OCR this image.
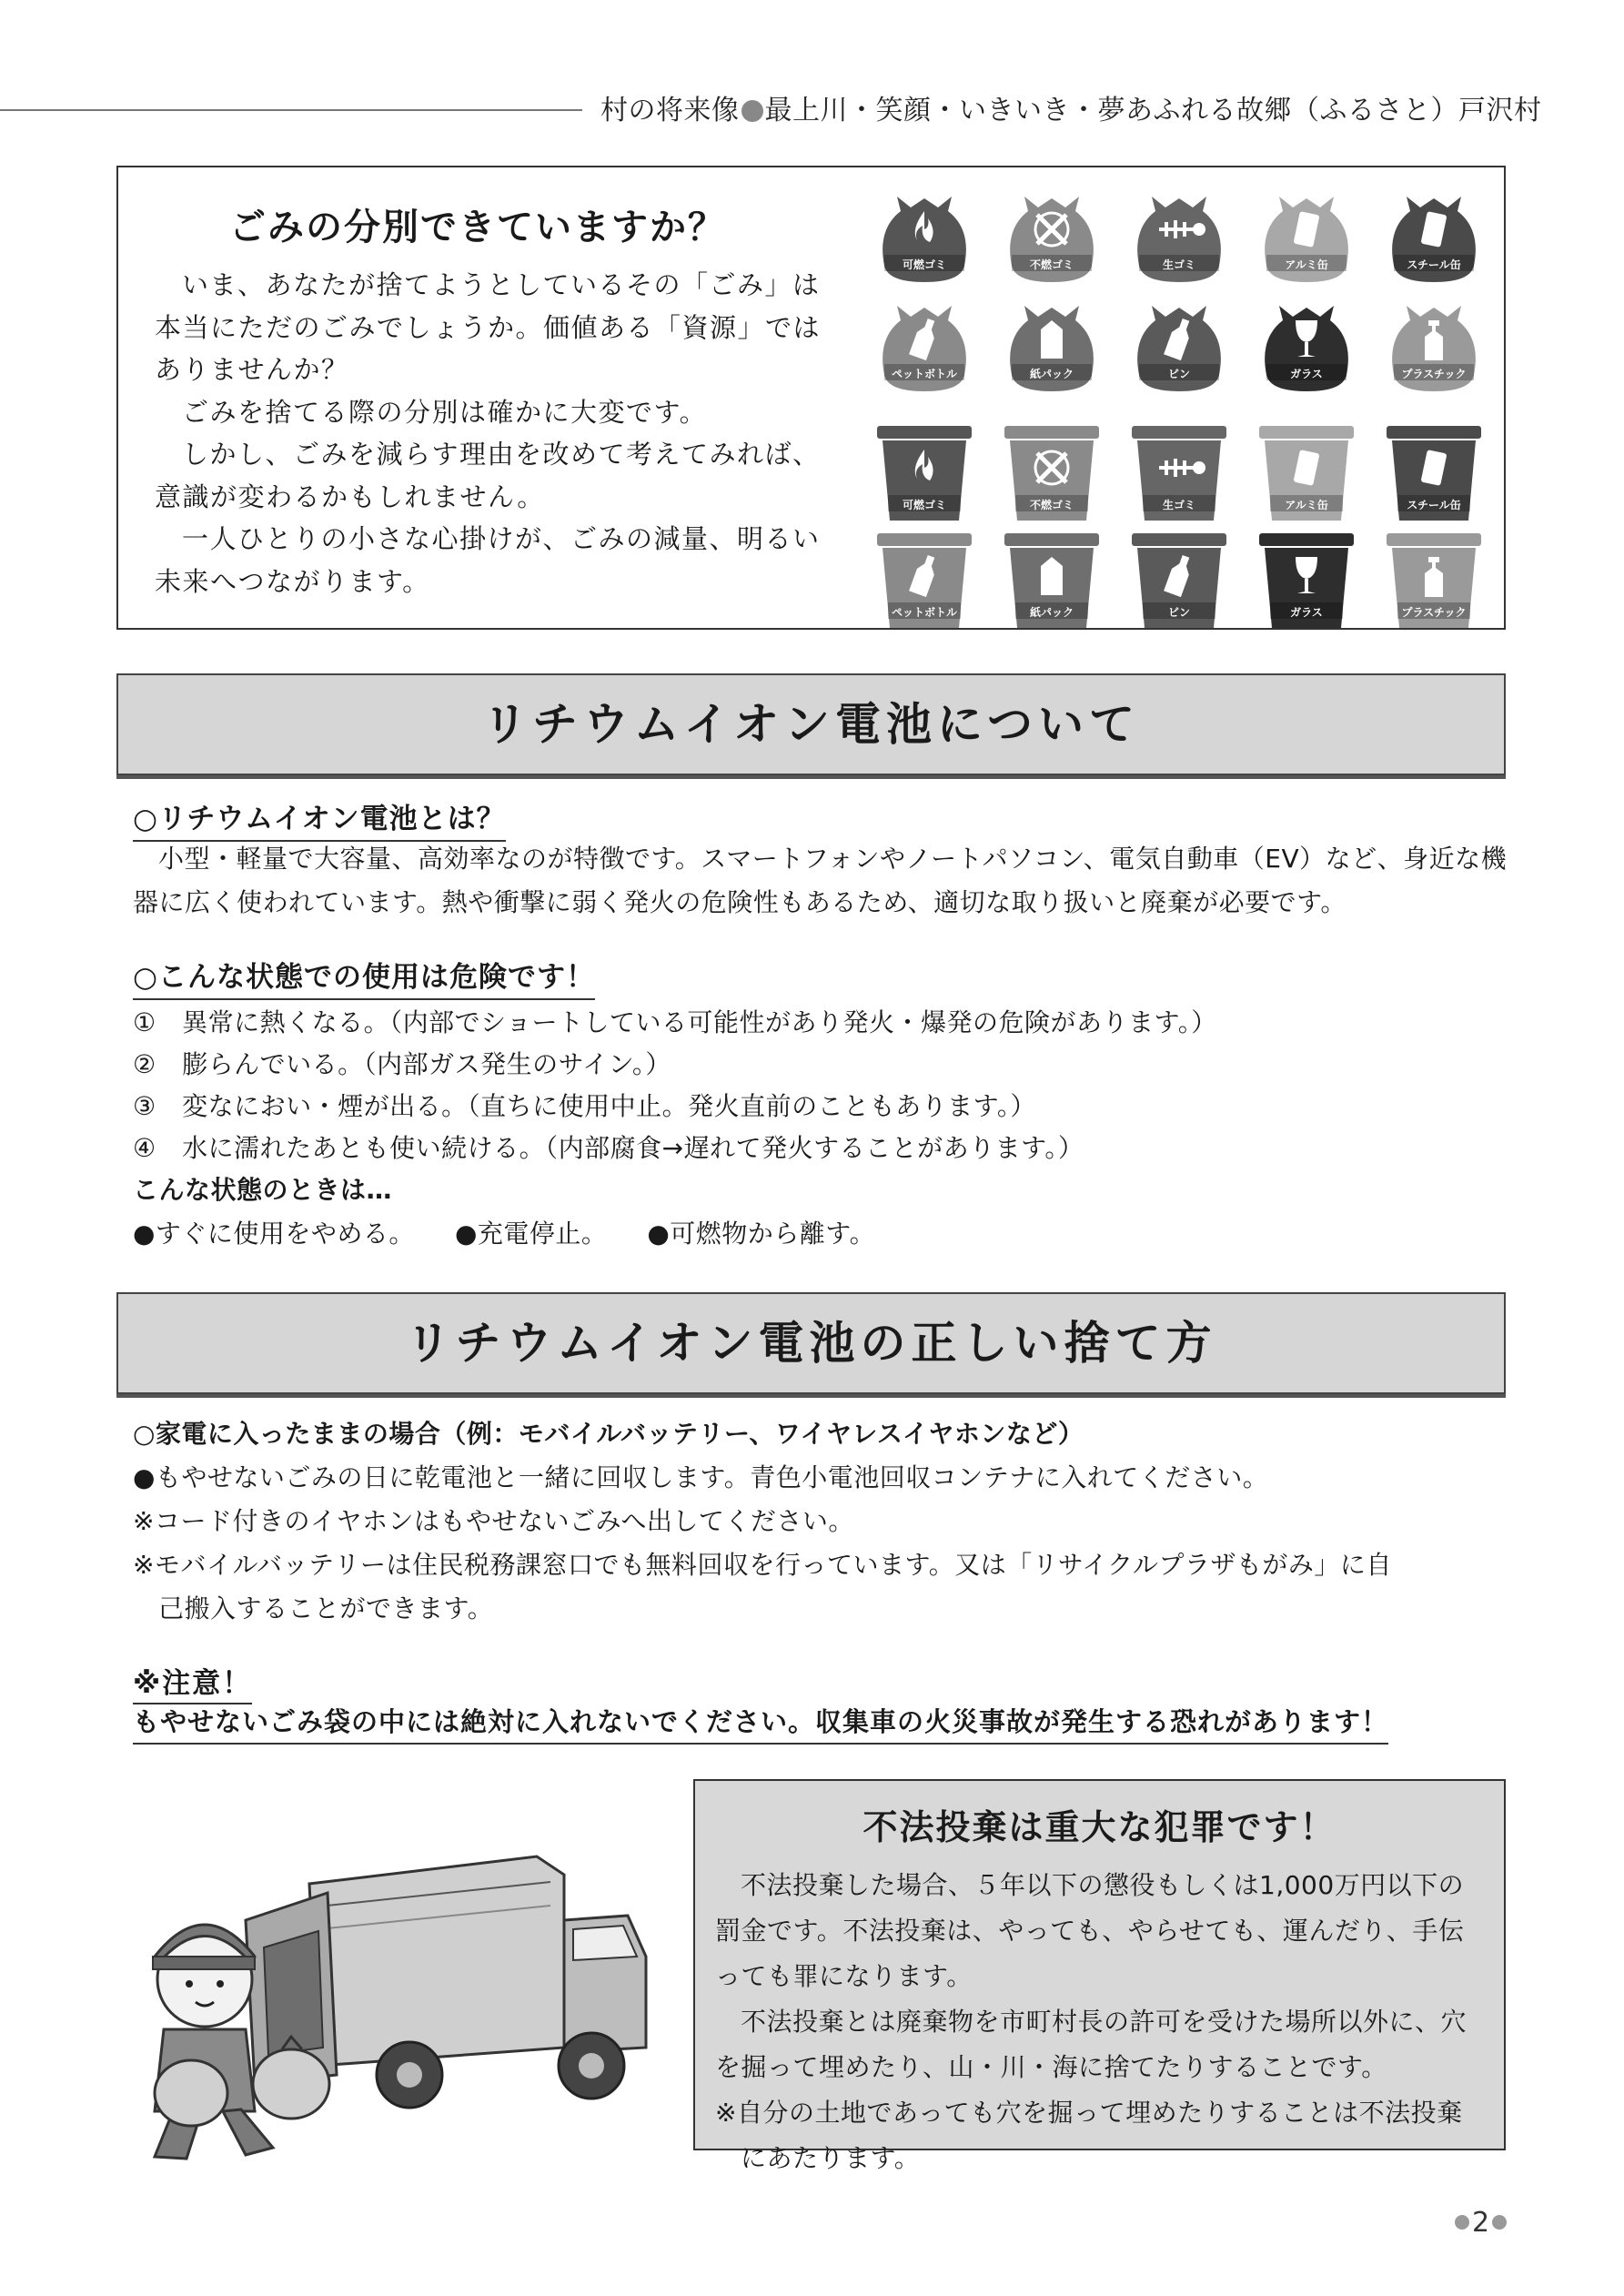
村の将来像 最上川・笑顔・いきいき・夢あふれる故郷（ふるさと）戸沢村
ごみの分別できていますか？

いま、あなたが捨てようとしているその「ごみ」は本当にただのごみでしょうか。価値ある「資源」ではありませんか？

ごみを捨てる際の分別は確かに大変です。

しかし、ごみを減らす理由を改めて考えてみれば、意識が変わるかもしれません。

一人ひとりの小さな心掛けが、ごみの減量、明るい未来へつながります。

可燃ゴミ	不燃ゴミ	生ゴミ	アルミ缶	スチール缶
ペットボトル	紙パック	ビン	ガラス	プラスチック
可燃ゴミ	不燃ゴミ	生ゴミ	アルミ缶	スチール缶
ペットボトル	紙パック	ビン	ガラス	プラスチック
リチウムイオン電池について
○リチウムイオン電池とは？
小型・軽量で大容量、高効率なのが特徴です。スマートフォンやノートパソコン、電気自動車（EV）など、身近な機器に広く使われています。熱や衝撃に弱く発火の危険性もあるため、適切な取り扱いと廃棄が必要です。
○こんな状態での使用は危険です！
①　異常に熱くなる。（内部でショートしている可能性があり発火・爆発の危険があります。）
②　膨らんでいる。（内部ガス発生のサイン。）
③　変なにおい・煙が出る。（直ちに使用中止。発火直前のこともあります。）
④　水に濡れたあとも使い続ける。（内部腐食→遅れて発火することがあります。）
こんな状態のときは…
●すぐに使用をやめる。 ●充電停止。 ●可燃物から離す。
リチウムイオン電池の正しい捨て方
○家電に入ったままの場合（例：モバイルバッテリー、ワイヤレスイヤホンなど）
●もやせないごみの日に乾電池と一緒に回収します。青色小電池回収コンテナに入れてください。
※コード付きのイヤホンはもやせないごみへ出してください。
※モバイルバッテリーは住民税務課窓口でも無料回収を行っています。又は「リサイクルプラザもがみ」に自
己搬入することができます。
※注意！
もやせないごみ袋の中には絶対に入れないでください。収集車の火災事故が発生する恐れがあります！
不法投棄は重大な犯罪です！

不法投棄した場合、５年以下の懲役もしくは1,000万円以下の罰金です。不法投棄は、やっても、やらせても、運んだり、手伝っても罪になります。

不法投棄とは廃棄物を市町村長の許可を受けた場所以外に、穴を掘って埋めたり、山・川・海に捨てたりすることです。

※自分の土地であっても穴を掘って埋めたりすることは不法投棄にあたります。

2
